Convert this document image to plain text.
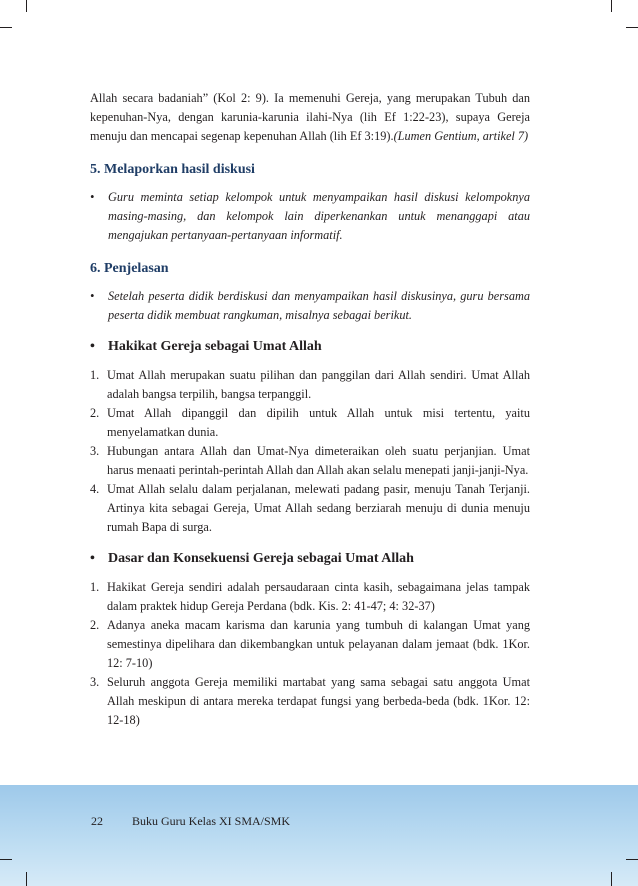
Allah secara badaniah” (Kol 2: 9). Ia memenuhi Gereja, yang merupakan Tubuh dan kepenuhan-Nya, dengan karunia-karunia ilahi-Nya (lih Ef 1:22-23), supaya Gereja menuju dan mencapai segenap kepenuhan Allah (lih Ef 3:19).(Lumen Gentium, artikel 7)

5. Melaporkan hasil diskusi
• Guru meminta setiap kelompok untuk menyampaikan hasil diskusi kelompoknya masing-masing, dan kelompok lain diperkenankan untuk menanggapi atau mengajukan pertanyaan-pertanyaan informatif.
6. Penjelasan
• Setelah peserta didik berdiskusi dan menyampaikan hasil diskusinya, guru bersama peserta didik membuat rangkuman, misalnya sebagai berikut.
• Hakikat Gereja sebagai Umat Allah
1. Umat Allah merupakan suatu pilihan dan panggilan dari Allah sendiri. Umat Allah adalah bangsa terpilih, bangsa terpanggil.
2. Umat Allah dipanggil dan dipilih untuk Allah untuk misi tertentu, yaitu menyelamatkan dunia.
3. Hubungan antara Allah dan Umat-Nya dimeteraikan oleh suatu perjanjian. Umat harus menaati perintah-perintah Allah dan Allah akan selalu menepati janji-janji-Nya.
4. Umat Allah selalu dalam perjalanan, melewati padang pasir, menuju Tanah Terjanji. Artinya kita sebagai Gereja, Umat Allah sedang berziarah menuju di dunia menuju rumah Bapa di surga.
• Dasar dan Konsekuensi Gereja sebagai Umat Allah
1. Hakikat Gereja sendiri adalah persaudaraan cinta kasih, sebagaimana jelas tampak dalam praktek hidup Gereja Perdana (bdk. Kis. 2: 41-47; 4: 32-37)
2. Adanya aneka macam karisma dan karunia yang tumbuh di kalangan Umat yang semestinya dipelihara dan dikembangkan untuk pelayanan dalam jemaat (bdk. 1Kor. 12: 7-10)
3. Seluruh anggota Gereja memiliki martabat yang sama sebagai satu anggota Umat Allah meskipun di antara mereka terdapat fungsi yang berbeda-beda (bdk. 1Kor. 12: 12-18)
22 Buku Guru Kelas XI SMA/SMK
